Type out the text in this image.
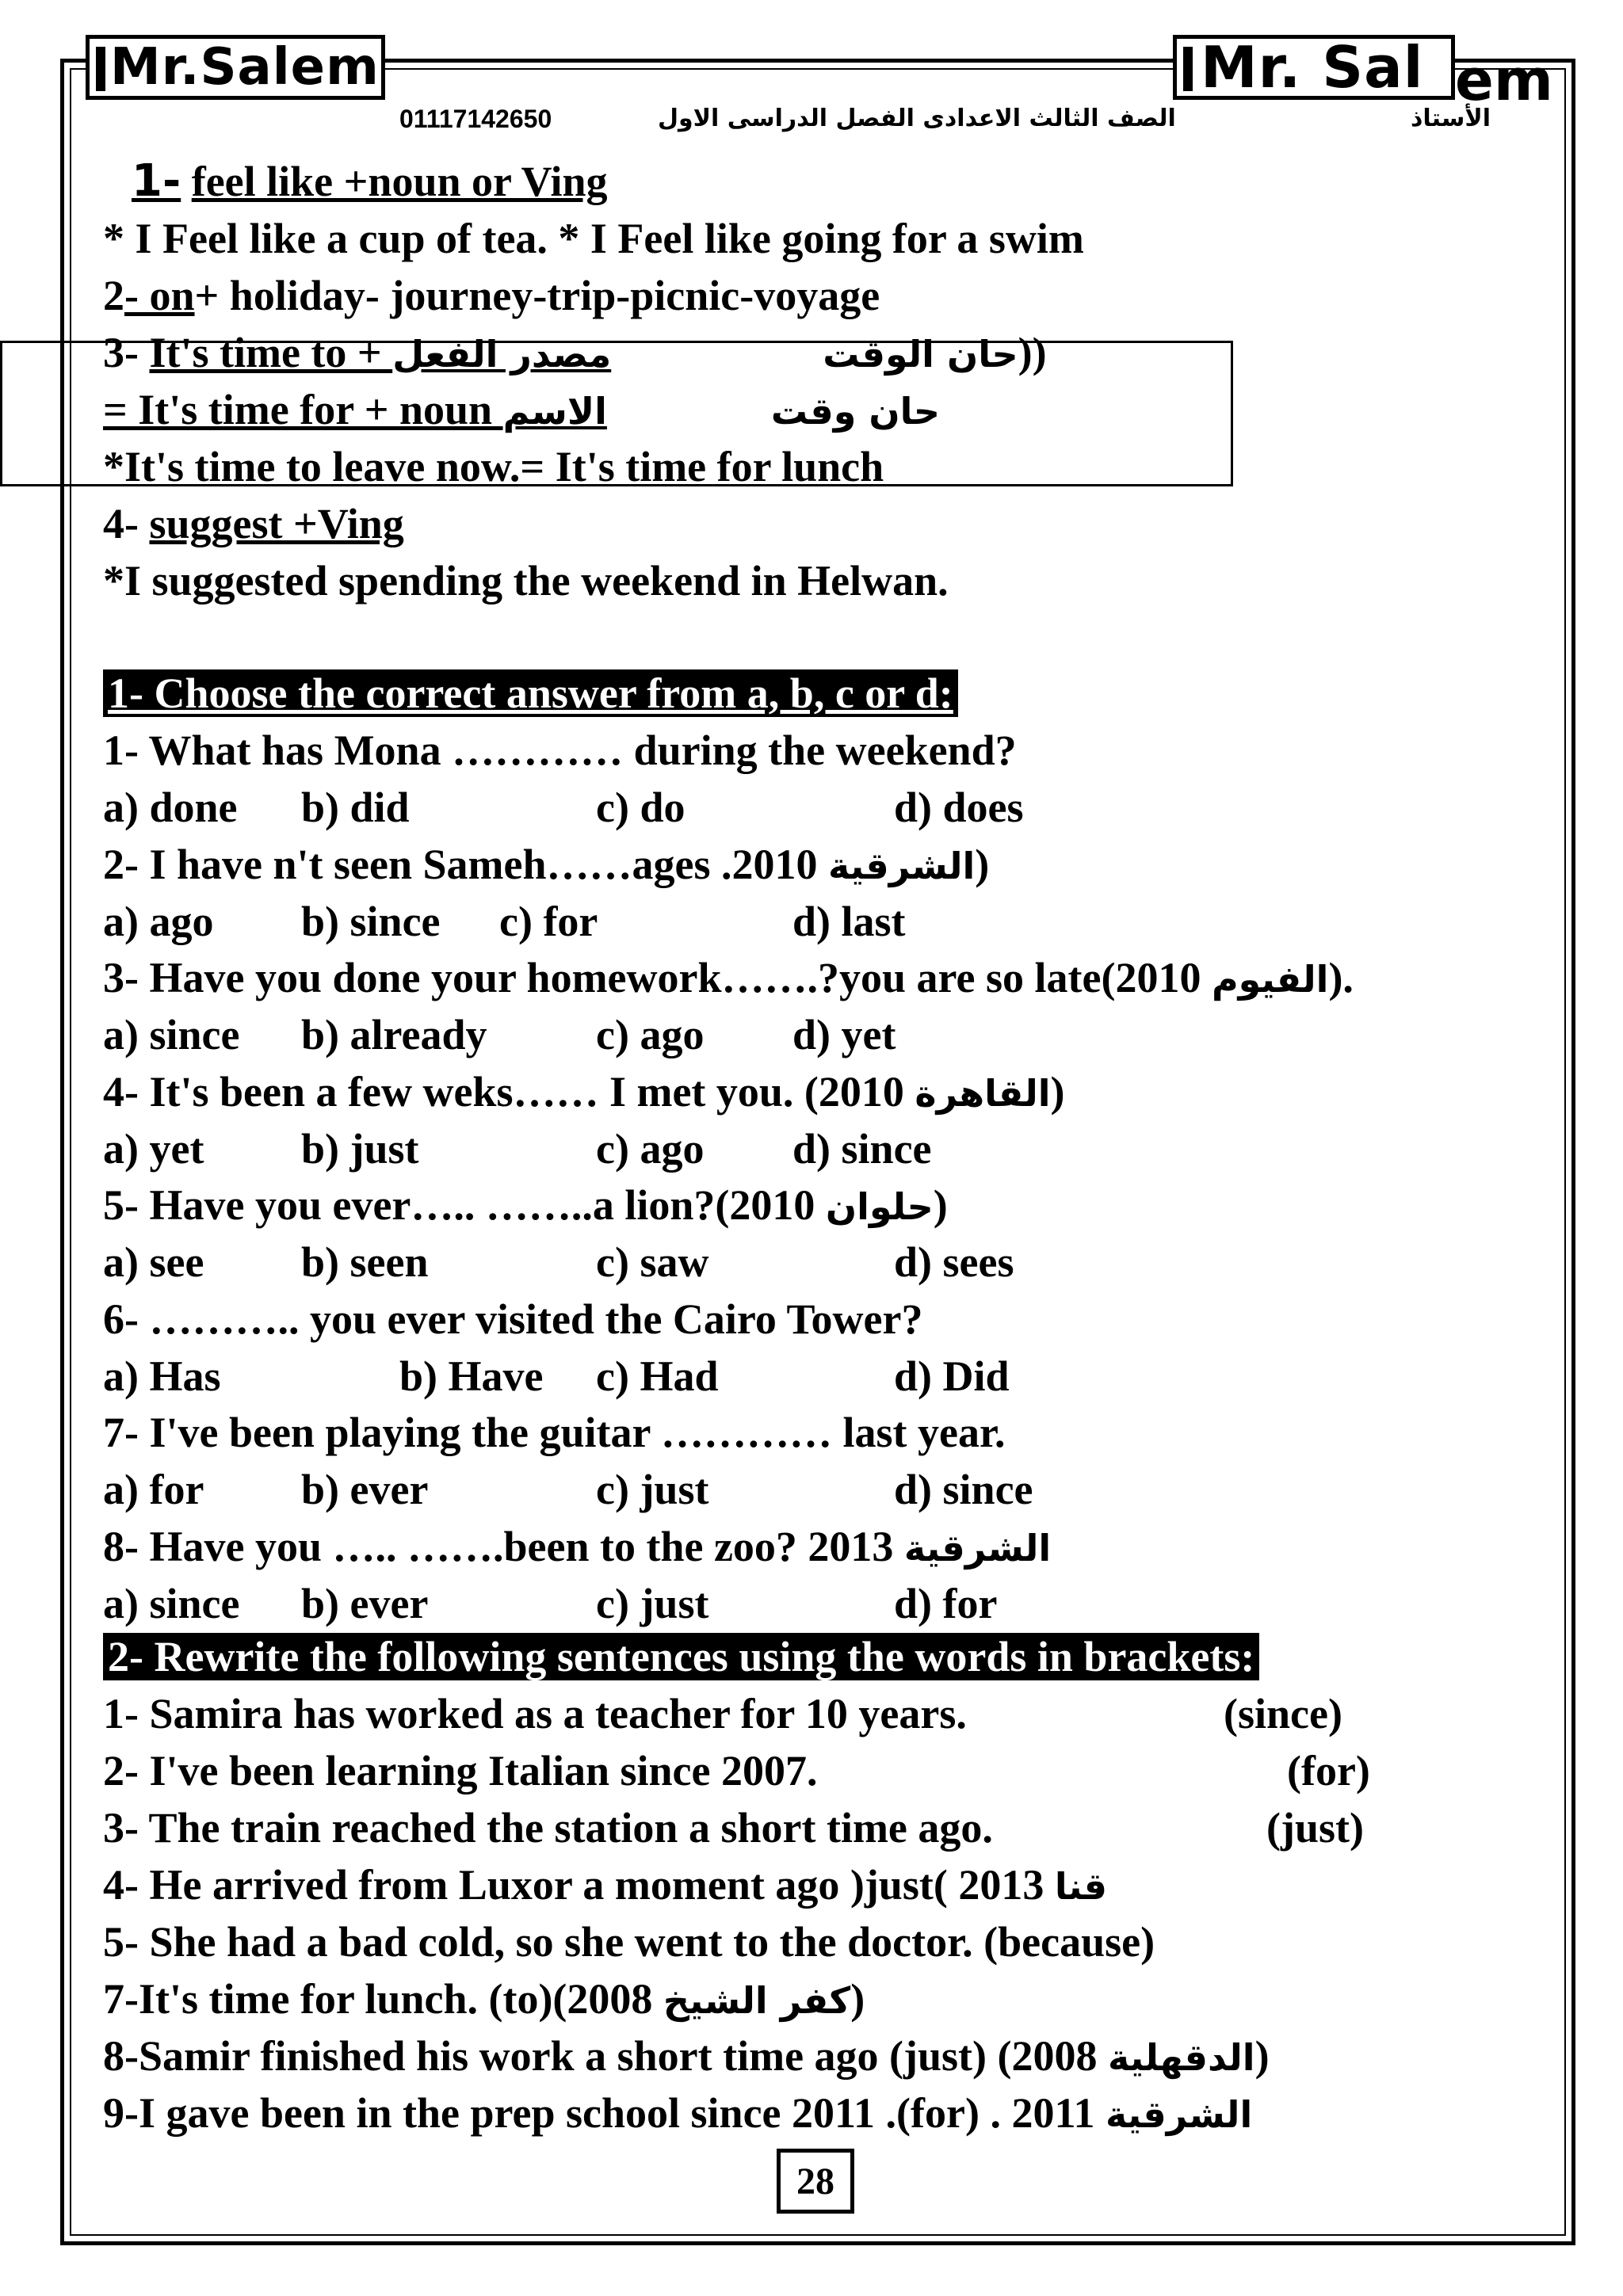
Mr.Salem	Mr. Sal em
01117142650	الصف الثالث الاعدادى الفصل الدراسى الاول	الأستاذ
1- feel like +noun or Ving
* I Feel like a cup of tea. * I Feel like going for a swim
2- on+ holiday- journey-trip-picnic-voyage
3- It's time to +	حان الوقت  مصدر الفعل	))
= It's time for + noun	حان وقت  الاسم
*It's time to leave now.= It's time for lunch
4- suggest +Ving
*I suggested spending the weekend in Helwan.
1- Choose the correct answer from a, b, c or d:
1- What has Mona ………… during the weekend?
a) done b) did	c) do	d) does
2- I have n't seen Sameh……ages .2010 الشرقية)
a) ago b) since c) for	d) last
3- Have you done your homework…….?you are so late(2010 الفيوم).
a) since b) already	c) ago d) yet
4- It's been a few weks…… I met you. (2010 القاهرة)
a) yet b) just	c) ago d) since
5- Have you ever….. ……..a lion?(2010 حلوان)
a) see b) seen	c) saw	d) sees
6- ……….. you ever visited the Cairo Tower?
a) Has	b) Have c) Had	d) Did
7- I've been playing the guitar ………… last year.
a) for b) ever	c) just	d) since
8- Have you ….. …….been to the zoo? 2013 الشرقية
a) since b) ever	c) just	d) for
2- Rewrite the following sentences using the words in brackets:
1- Samira has worked as a teacher for 10 years.	(since)
2- I've been learning Italian since 2007.	(for)
3- The train reached the station a short time ago.	(just)
4- He arrived from Luxor a moment ago )just( 2013 قنا
5- She had a bad cold, so she went to the doctor. (because)
7-It's time for lunch. (to)(2008 كفر الشيخ)
8-Samir finished his work a short time ago (just) (2008 الدقهلية)
9-I gave been in the prep school since 2011 .(for) . 2011 الشرقية
28
